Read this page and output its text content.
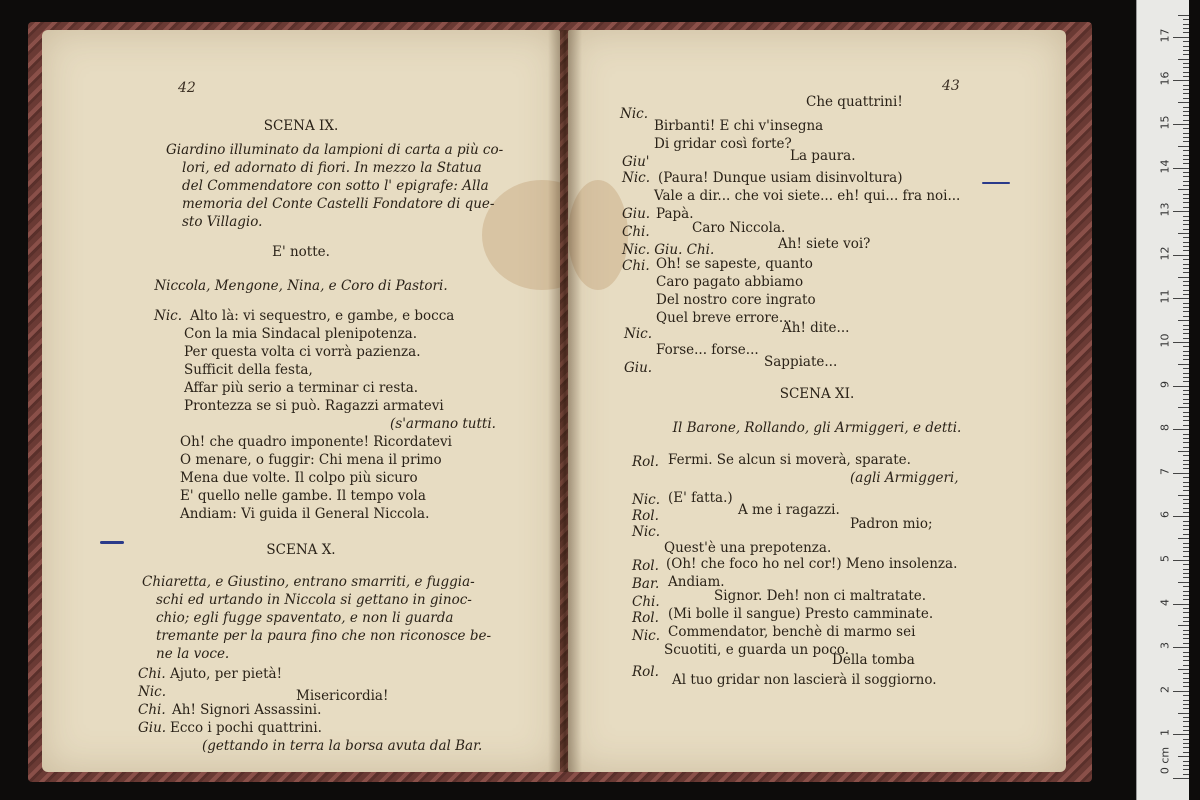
42
SCENA IX.
Giardino illuminato da lampioni di carta a più co-
lori, ed adornato di fiori. In mezzo la Statua
del Commendatore con sotto l' epigrafe: Alla
memoria del Conte Castelli Fondatore di que-
sto Villagio.
E' notte.
Niccola, Mengone, Nina, e Coro di Pastori.
Nic. Alto là: vi sequestro, e gambe, e bocca
Con la mia Sindacal plenipotenza.
Per questa volta ci vorrà pazienza.
Sufficit della festa,
Affar più serio a terminar ci resta.
Prontezza se si può. Ragazzi armatevi
(s'armano tutti.
Oh! che quadro imponente! Ricordatevi
O menare, o fuggir: Chi mena il primo
Mena due volte. Il colpo più sicuro
E' quello nelle gambe. Il tempo vola
Andiam: Vi guida il General Niccola.
SCENA X.
Chiaretta, e Giustino, entrano smarriti, e fuggia-
schi ed urtando in Niccola si gettano in ginoc-
chio; egli fugge spaventato, e non li guarda
tremante per la paura fino che non riconosce be-
ne la voce.
Chi. Ajuto, per pietà!
Nic.	Misericordia!
Chi. Ah! Signori Assassini.
Giu. Ecco i pochi quattrini.
(gettando in terra la borsa avuta dal Bar.
43
Che quattrini!
Nic.
Birbanti! E chi v'insegna
Di gridar così forte?
Giu'	La paura.
Nic. (Paura! Dunque usiam disinvoltura)
Vale a dir... che voi siete... eh! qui... fra noi...
Giu. Papà.
Chi.	Caro Niccola.
Nic. Giu. Chi.	Ah! siete voi?
Chi. Oh! se sapeste, quanto
Caro pagato abbiamo
Del nostro core ingrato
Quel breve errore...
Nic.	Ah! dite...
Forse... forse...
Giu.	Sappiate...
SCENA XI.
Il Barone, Rollando, gli Armiggeri, e detti.
Rol. Fermi. Se alcun si moverà, sparate.
(agli Armiggeri,
Nic. (E' fatta.)
Rol.	A me i ragazzi.
Nic.	Padron mio;
Quest'è una prepotenza.
Rol. (Oh! che foco ho nel cor!) Meno insolenza.
Bar. Andiam.
Chi.	Signor. Deh! non ci maltratate.
Rol. (Mi bolle il sangue) Presto camminate.
Nic. Commendator, benchè di marmo sei
Scuotiti, e guarda un poco.
Rol.
Della tomba
Al tuo gridar non lascierà il soggiorno.
0 cm
1
2
3
4
5
6
7
8
9
10
11
12
13
14
15
16
17
